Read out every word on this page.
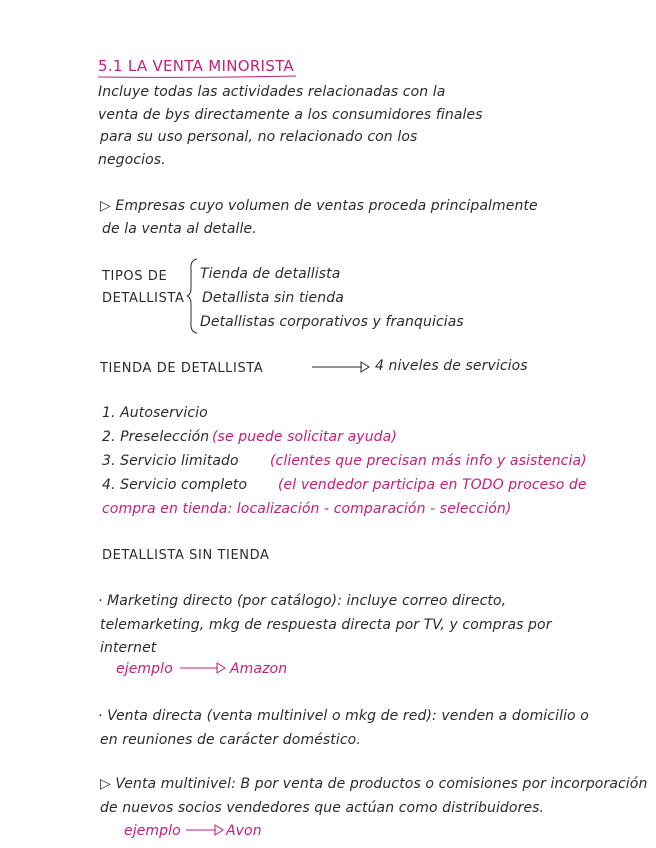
5.1 LA VENTA MINORISTA
Incluye todas las actividades relacionadas con la
venta de bys directamente a los consumidores finales
para su uso personal, no relacionado con los
negocios.
▷ Empresas cuyo volumen de ventas proceda principalmente
de la venta al detalle.
TIPOS DE
DETALLISTA
Tienda de detallista
Detallista sin tienda
Detallistas corporativos y franquicias
TIENDA DE DETALLISTA	4 niveles de servicios
1. Autoservicio
2. Preselección (se puede solicitar ayuda)
3. Servicio limitado (clientes que precisan más info y asistencia)
4. Servicio completo (el vendedor participa en TODO proceso de
compra en tienda: localización - comparación - selección)
DETALLISTA SIN TIENDA
· Marketing directo (por catálogo): incluye correo directo,
telemarketing, mkg de respuesta directa por TV, y compras por
internet
ejemplo	Amazon
· Venta directa (venta multinivel o mkg de red): venden a domicilio o
en reuniones de carácter doméstico.
▷ Venta multinivel: B por venta de productos o comisiones por incorporación
de nuevos socios vendedores que actúan como distribuidores.
ejemplo	Avon
